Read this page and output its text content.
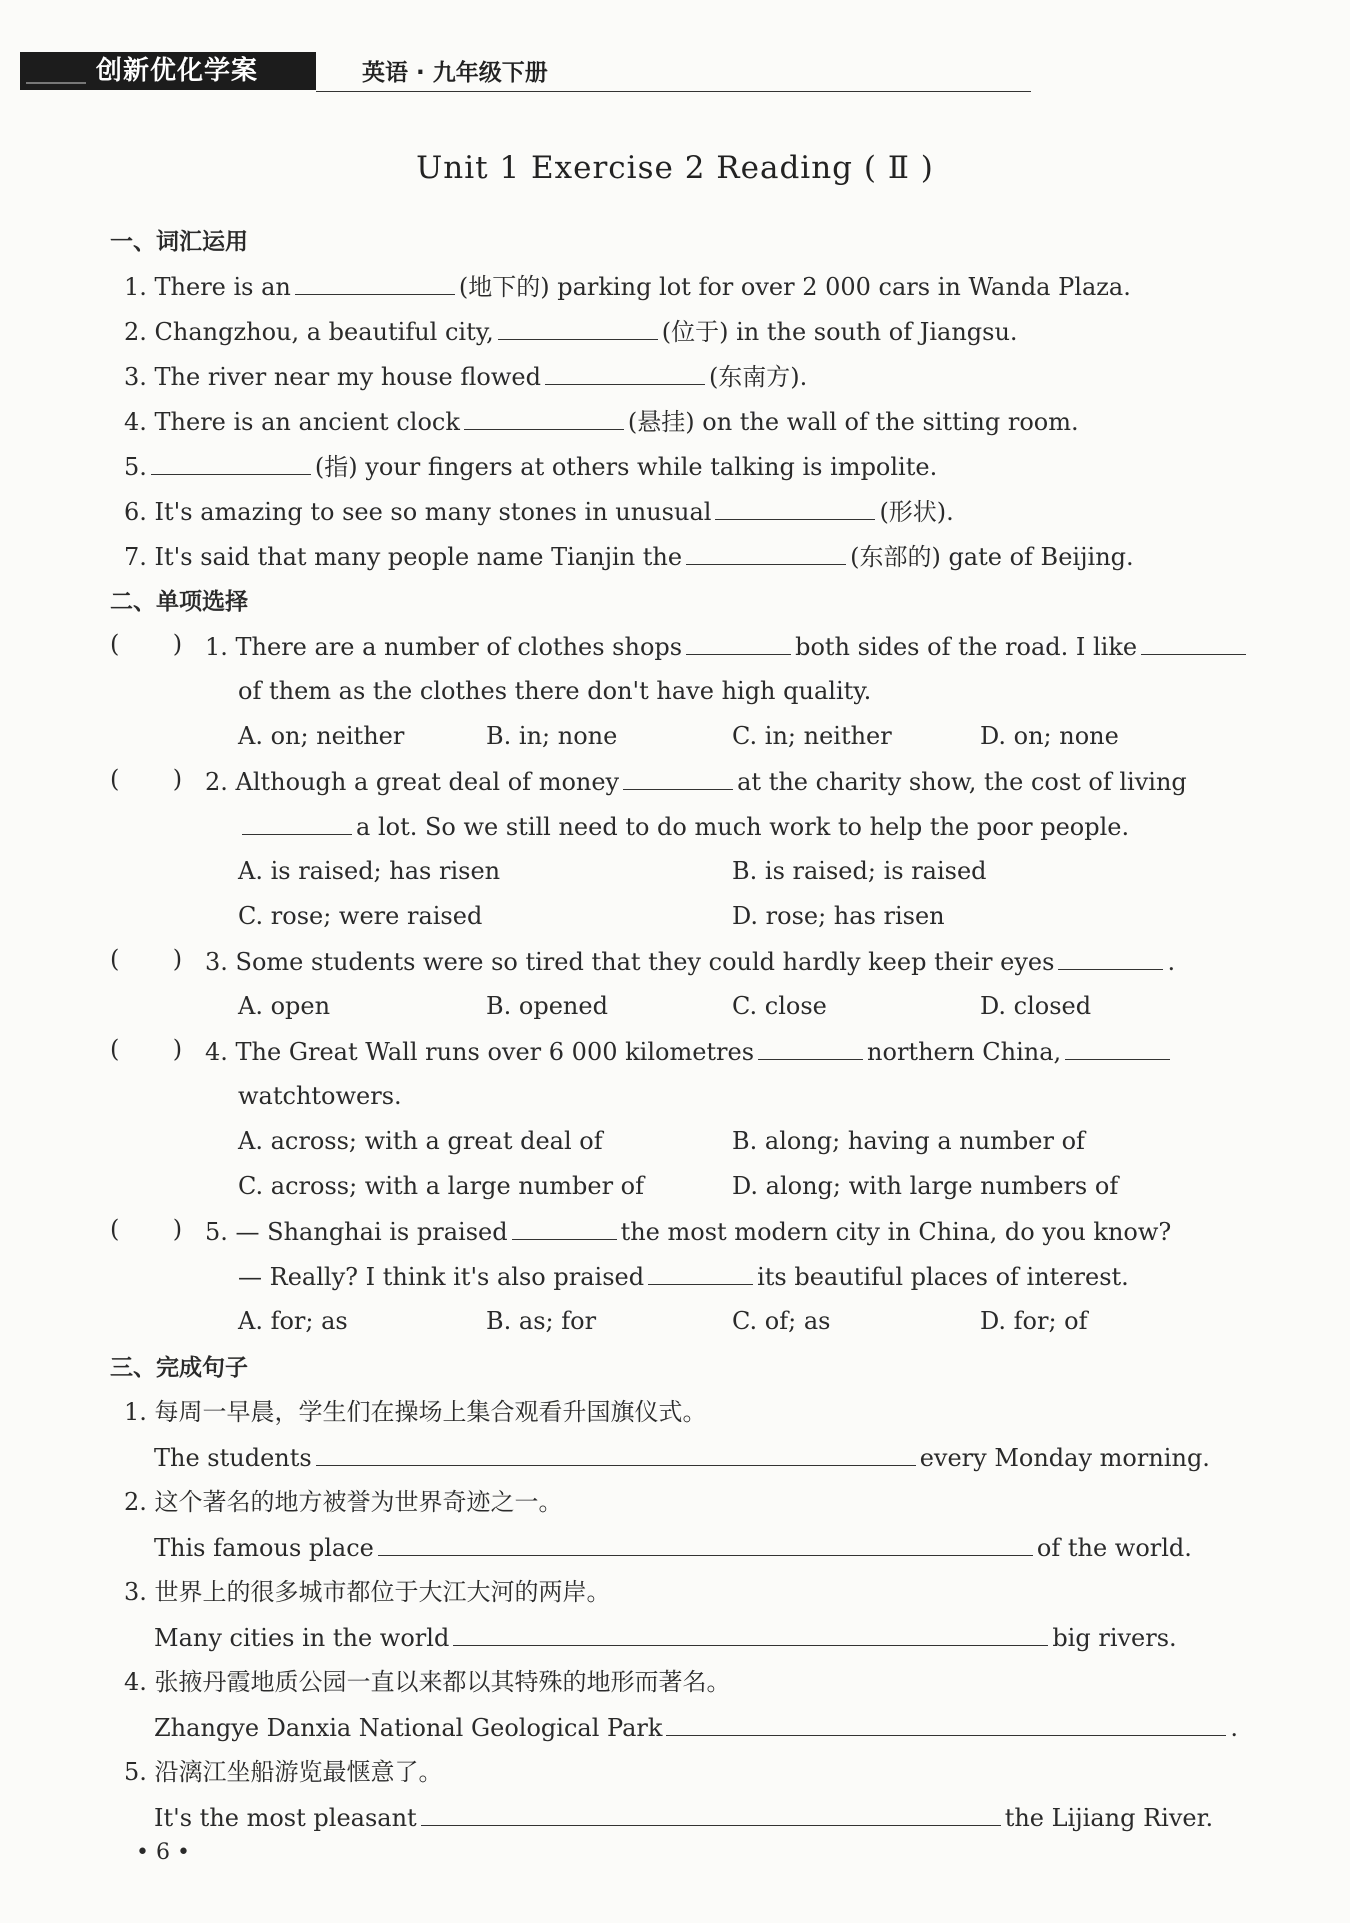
创新优化学案	英语 · 九年级下册
Unit 1 Exercise 2 Reading ( Ⅱ )
一、词汇运用
1. There is an	(地下的) parking lot for over 2 000 cars in Wanda Plaza.
2. Changzhou, a beautiful city,	(位于) in the south of Jiangsu.
3. The river near my house flowed	(东南方).
4. There is an ancient clock	(悬挂) on the wall of the sitting room.
5.	(指) your fingers at others while talking is impolite.
6. It's amazing to see so many stones in unusual	(形状).
7. It's said that many people name Tianjin the	(东部的) gate of Beijing.
二、单项选择
(       ) 1. There are a number of clothes shops	both sides of the road. I like
of them as the clothes there don't have high quality.
A. on; neither	B. in; none	C. in; neither	D. on; none
(       ) 2. Although a great deal of money	at the charity show, the cost of living
a lot. So we still need to do much work to help the poor people.
A. is raised; has risen	B. is raised; is raised
C. rose; were raised	D. rose; has risen
(       ) 3. Some students were so tired that they could hardly keep their eyes	.
A. open	B. opened	C. close	D. closed
(       ) 4. The Great Wall runs over 6 000 kilometres	northern China,
watchtowers.
A. across; with a great deal of	B. along; having a number of
C. across; with a large number of	D. along; with large numbers of
(       ) 5. — Shanghai is praised	the most modern city in China, do you know?
— Really? I think it's also praised	its beautiful places of interest.
A. for; as	B. as; for	C. of; as	D. for; of
三、完成句子
1. 每周一早晨，学生们在操场上集合观看升国旗仪式。
The students	every Monday morning.
2. 这个著名的地方被誉为世界奇迹之一。
This famous place	of the world.
3. 世界上的很多城市都位于大江大河的两岸。
Many cities in the world	big rivers.
4. 张掖丹霞地质公园一直以来都以其特殊的地形而著名。
Zhangye Danxia National Geological Park	.
5. 沿漓江坐船游览最惬意了。
It's the most pleasant	the Lijiang River.
• 6 •
